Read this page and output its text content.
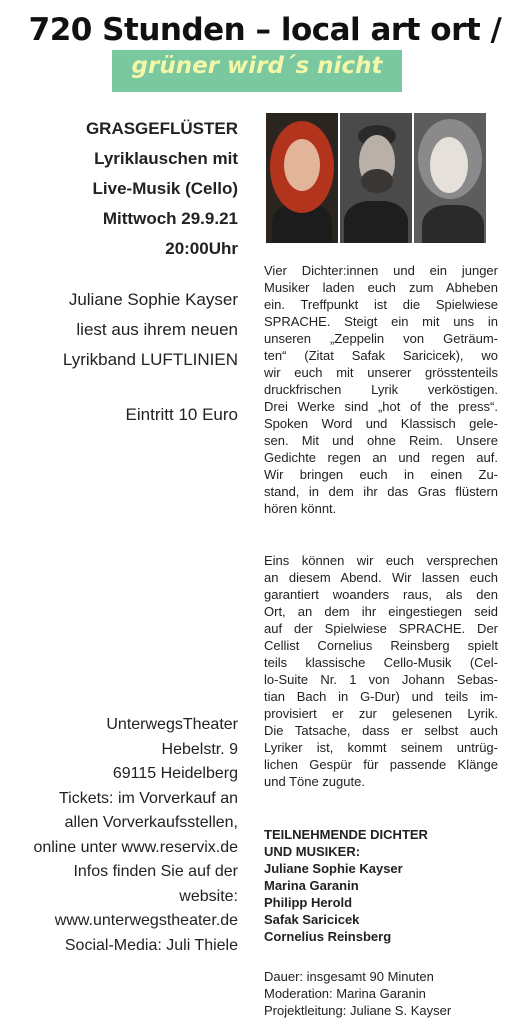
720 Stunden – local art ort /
grüner wird´s nicht
GRASGEFLÜSTER
Lyriklauschen mit
Live-Musik (Cello)
Mittwoch 29.9.21
20:00Uhr
Juliane Sophie Kayser
liest aus ihrem neuen
Lyrikband LUFTLINIEN
Eintritt 10 Euro
UnterwegsTheater
Hebelstr. 9
69115 Heidelberg
Tickets: im Vorverkauf an
allen Vorverkaufsstellen,
online unter www.reservix.de
Infos finden Sie auf der
website:
www.unterwegstheater.de
Social-Media: Juli Thiele
Vier Dichter:innen und ein junger
Musiker laden euch zum Abheben
ein. Treffpunkt ist die Spielwiese
SPRACHE. Steigt ein mit uns in
unseren „Zeppelin von Geträum-
ten“ (Zitat Safak Saricicek), wo
wir euch mit unserer grösstenteils
druckfrischen Lyrik verköstigen.
Drei Werke sind „hot of the press“.
Spoken Word und Klassisch gele-
sen. Mit und ohne Reim. Unsere
Gedichte regen an und regen auf.
Wir bringen euch in einen Zu-
stand, in dem ihr das Gras flüstern
hören könnt.
Eins können wir euch versprechen
an diesem Abend. Wir lassen euch
garantiert woanders raus, als den
Ort, an dem ihr eingestiegen seid
auf der Spielwiese SPRACHE. Der
Cellist Cornelius Reinsberg spielt
teils klassische Cello-Musik (Cel-
lo-Suite Nr. 1 von Johann Sebas-
tian Bach in G-Dur) und teils im-
provisiert er zur gelesenen Lyrik.
Die Tatsache, dass er selbst auch
Lyriker ist, kommt seinem untrüg-
lichen Gespür für passende Klänge
und Töne zugute.
TEILNEHMENDE DICHTER
UND MUSIKER:
Juliane Sophie Kayser
Marina Garanin
Philipp Herold
Safak Saricicek
Cornelius Reinsberg
Dauer: insgesamt 90 Minuten
Moderation: Marina Garanin
Projektleitung: Juliane S. Kayser
